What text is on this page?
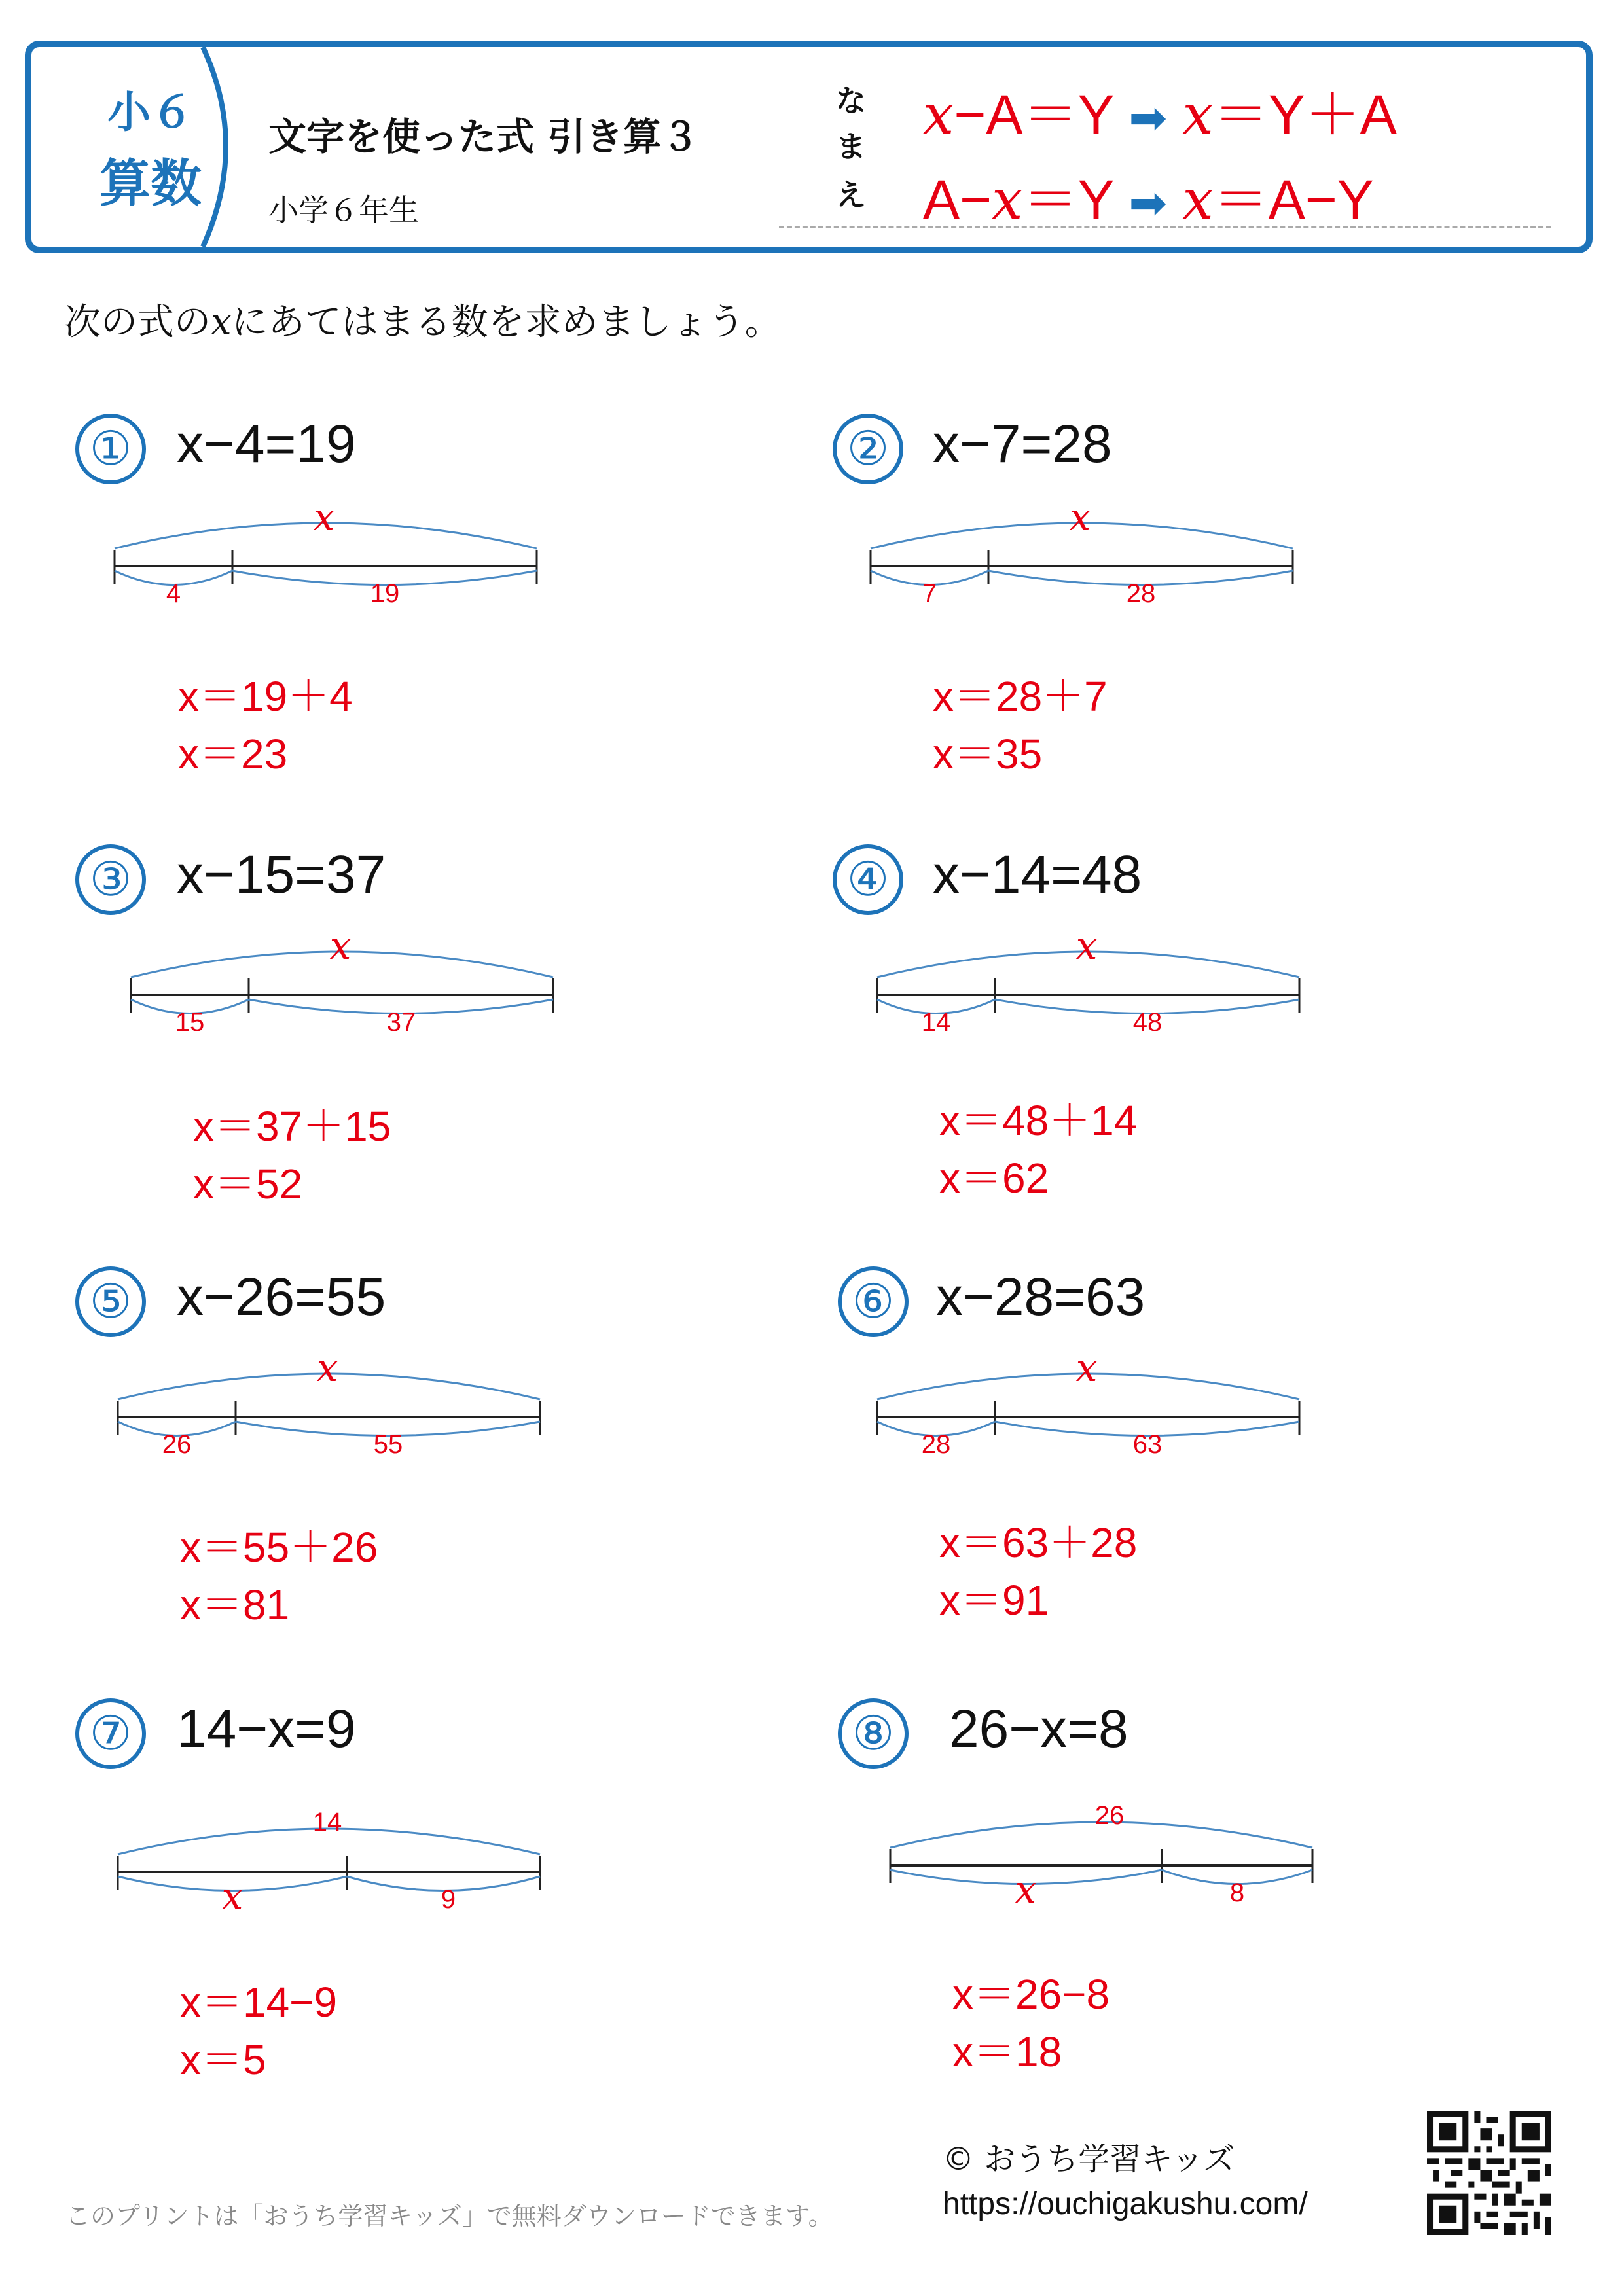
小６
算数
文字を使った式 引き算３
小学６年生
な
ま
え
x−A＝Y ➡ x＝Y＋A
A−x＝Y ➡ x＝A−Y
次の式のxにあてはまる数を求めましょう。
① x−4=19
x
4	19
x＝19＋4
x＝23
② x−7=28
x
7	28
x＝28＋7
x＝35
③ x−15=37
x
15	37
x＝37＋15
x＝52
④ x−14=48
x
14	48
x＝48＋14
x＝62
⑤ x−26=55
x
26	55
x＝55＋26
x＝81
⑥ x−28=63
x
28	63
x＝63＋28
x＝91
⑦ 14−x=9
14
x	9
x＝14−9
x＝5
⑧ 26−x=8
26
x	8
x＝26−8
x＝18
このプリントは「おうち学習キッズ」で無料ダウンロードできます。
© おうち学習キッズ
https://ouchigakushu.com/
